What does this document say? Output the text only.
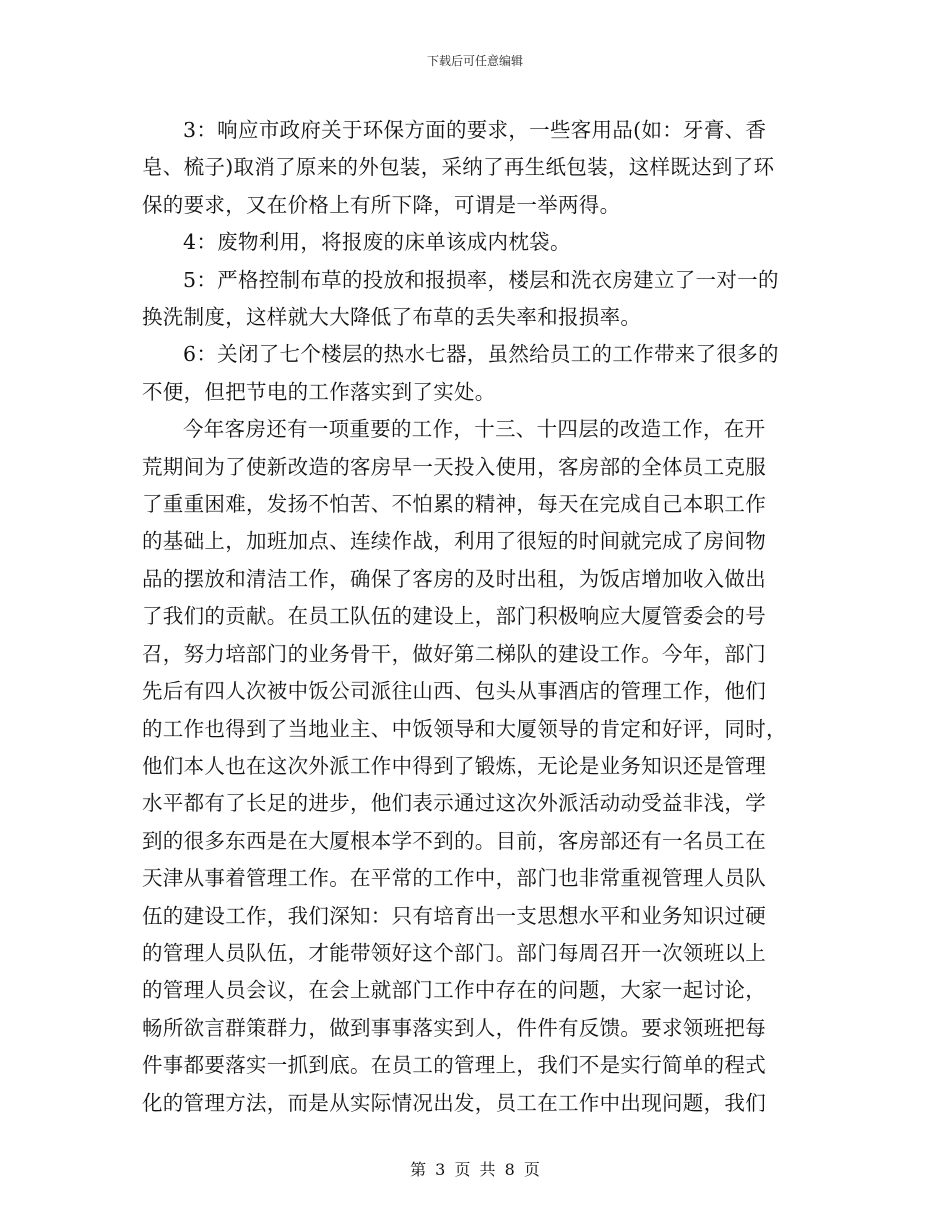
下载后可任意编辑
3：响应市政府关于环保方面的要求，一些客用品(如：牙膏、香
皂、梳子)取消了原来的外包装，采纳了再生纸包装，这样既达到了环
保的要求，又在价格上有所下降，可谓是一举两得。
4：废物利用，将报废的床单该成内枕袋。
5：严格控制布草的投放和报损率，楼层和洗衣房建立了一对一的
换洗制度，这样就大大降低了布草的丢失率和报损率。
6：关闭了七个楼层的热水七器，虽然给员工的工作带来了很多的
不便，但把节电的工作落实到了实处。
今年客房还有一项重要的工作，十三、十四层的改造工作，在开
荒期间为了使新改造的客房早一天投入使用，客房部的全体员工克服
了重重困难，发扬不怕苦、不怕累的精神，每天在完成自己本职工作
的基础上，加班加点、连续作战，利用了很短的时间就完成了房间物
品的摆放和清洁工作，确保了客房的及时出租，为饭店增加收入做出
了我们的贡献。在员工队伍的建设上，部门积极响应大厦管委会的号
召，努力培部门的业务骨干，做好第二梯队的建设工作。今年，部门
先后有四人次被中饭公司派往山西、包头从事酒店的管理工作，他们
的工作也得到了当地业主、中饭领导和大厦领导的肯定和好评，同时，
他们本人也在这次外派工作中得到了锻炼，无论是业务知识还是管理
水平都有了长足的进步，他们表示通过这次外派活动动受益非浅，学
到的很多东西是在大厦根本学不到的。目前，客房部还有一名员工在
天津从事着管理工作。在平常的工作中，部门也非常重视管理人员队
伍的建设工作，我们深知：只有培育出一支思想水平和业务知识过硬
的管理人员队伍，才能带领好这个部门。部门每周召开一次领班以上
的管理人员会议，在会上就部门工作中存在的问题，大家一起讨论，
畅所欲言群策群力，做到事事落实到人，件件有反馈。要求领班把每
件事都要落实一抓到底。在员工的管理上，我们不是实行简单的程式
化的管理方法，而是从实际情况出发，员工在工作中出现问题，我们
第 3 页 共 8 页
